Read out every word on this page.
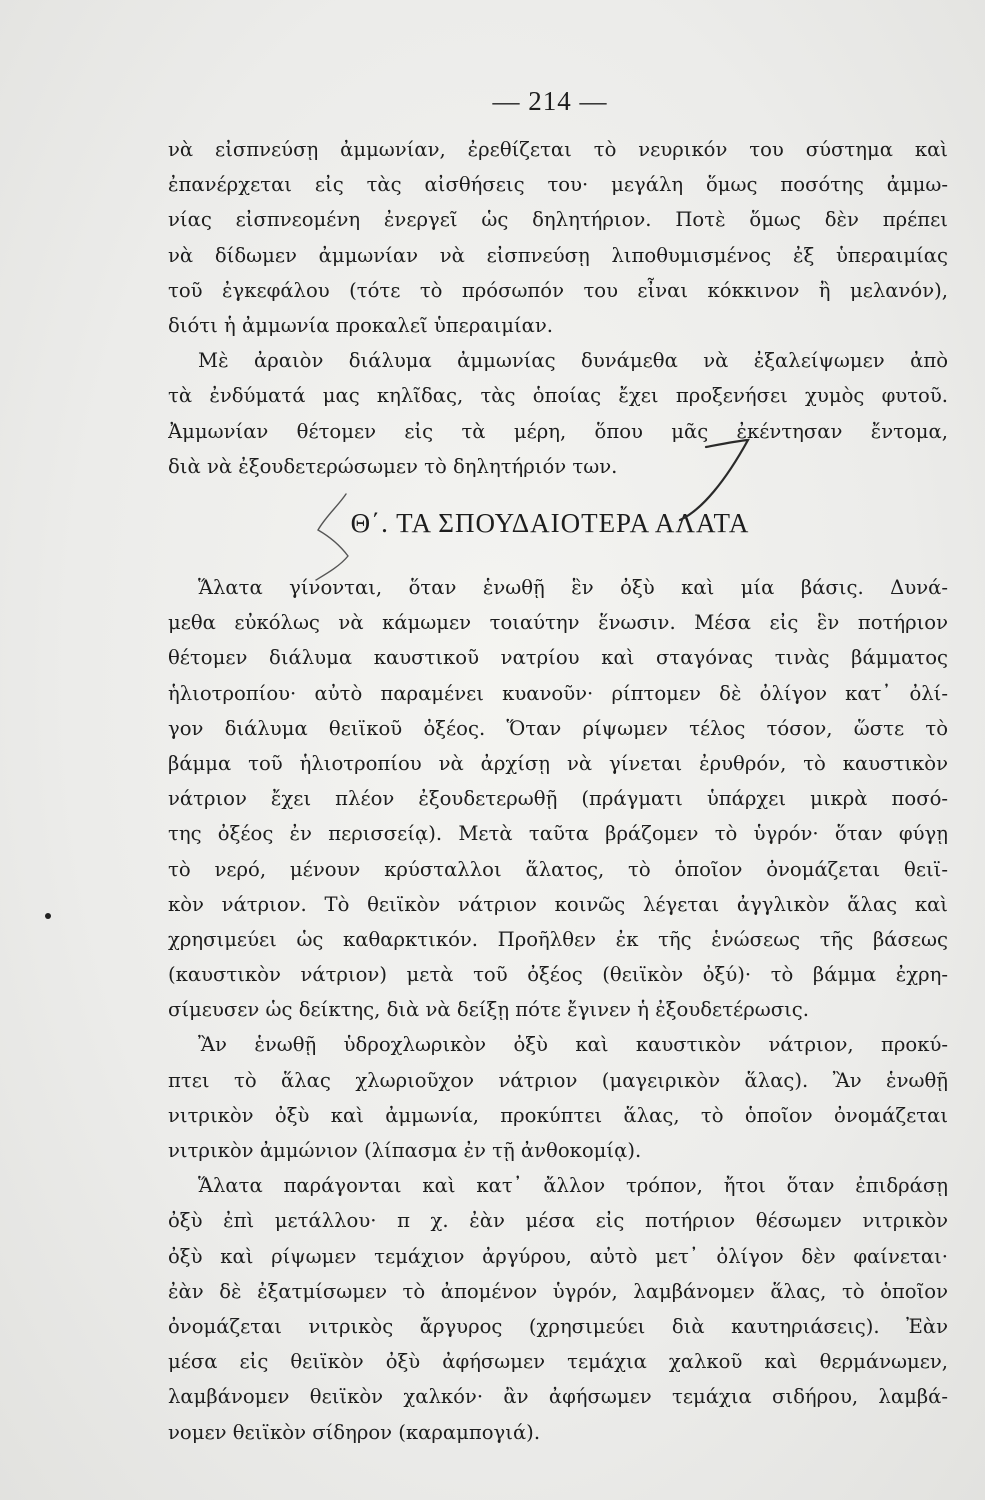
— 214 —
νὰ εἰσπνεύσῃ ἀμμωνίαν, ἐρεθίζεται τὸ νευρικόν του σύστημα καὶ
ἐπανέρχεται εἰς τὰς αἰσθήσεις του· μεγάλη ὅμως ποσότης ἀμμω-
νίας εἰσπνεομένη ἐνεργεῖ ὡς δηλητήριον. Ποτὲ ὅμως δὲν πρέπει
νὰ δίδωμεν ἀμμωνίαν νὰ εἰσπνεύσῃ λιποθυμισμένος ἐξ ὑπεραιμίας
τοῦ ἐγκεφάλου (τότε τὸ πρόσωπόν του εἶναι κόκκινον ἢ μελανόν),
διότι ἡ ἀμμωνία προκαλεῖ ὑπεραιμίαν.
Μὲ ἀραιὸν διάλυμα ἀμμωνίας δυνάμεθα νὰ ἐξαλείψωμεν ἀπὸ
τὰ ἐνδύματά μας κηλῖδας, τὰς ὁποίας ἔχει προξενήσει χυμὸς φυτοῦ.
Ἀμμωνίαν θέτομεν εἰς τὰ μέρη, ὅπου μᾶς ἐκέντησαν ἔντομα,
διὰ νὰ ἐξουδετερώσωμεν τὸ δηλητήριόν των.
Θ΄. ΤΑ ΣΠΟΥΔΑΙΟΤΕΡΑ ΑΛΑΤΑ
Ἅλατα γίνονται, ὅταν ἑνωθῇ ἓν ὀξὺ καὶ μία βάσις. Δυνά-
μεθα εὐκόλως νὰ κάμωμεν τοιαύτην ἕνωσιν. Μέσα εἰς ἓν ποτήριον
θέτομεν διάλυμα καυστικοῦ νατρίου καὶ σταγόνας τινὰς βάμματος
ἡλιοτροπίου· αὐτὸ παραμένει κυανοῦν· ρίπτομεν δὲ ὀλίγον κατ᾿ ὀλί-
γον διάλυμα θειϊκοῦ ὀξέος. Ὅταν ρίψωμεν τέλος τόσον, ὥστε τὸ
βάμμα τοῦ ἡλιοτροπίου νὰ ἀρχίσῃ νὰ γίνεται ἐρυθρόν, τὸ καυστικὸν
νάτριον ἔχει πλέον ἐξουδετερωθῇ (πράγματι ὑπάρχει μικρὰ ποσό-
της ὀξέος ἐν περισσείᾳ). Μετὰ ταῦτα βράζομεν τὸ ὑγρόν· ὅταν φύγῃ
τὸ νερό, μένουν κρύσταλλοι ἅλατος, τὸ ὁποῖον ὀνομάζεται θειϊ-
κὸν νάτριον. Τὸ θειϊκὸν νάτριον κοινῶς λέγεται ἀγγλικὸν ἅλας καὶ
χρησιμεύει ὡς καθαρκτικόν. Προῆλθεν ἐκ τῆς ἑνώσεως τῆς βάσεως
(καυστικὸν νάτριον) μετὰ τοῦ ὀξέος (θειϊκὸν ὀξύ)· τὸ βάμμα ἐχρη-
σίμευσεν ὡς δείκτης, διὰ νὰ δείξῃ πότε ἔγινεν ἡ ἐξουδετέρωσις.
Ἂν ἑνωθῇ ὑδροχλωρικὸν ὀξὺ καὶ καυστικὸν νάτριον, προκύ-
πτει τὸ ἅλας χλωριοῦχον νάτριον (μαγειρικὸν ἅλας). Ἂν ἑνωθῇ
νιτρικὸν ὀξὺ καὶ ἀμμωνία, προκύπτει ἅλας, τὸ ὁποῖον ὀνομάζεται
νιτρικὸν ἀμμώνιον (λίπασμα ἐν τῇ ἀνθοκομίᾳ).
Ἅλατα παράγονται καὶ κατ᾿ ἄλλον τρόπον, ἤτοι ὅταν ἐπιδράσῃ
ὀξὺ ἐπὶ μετάλλου· π χ. ἐὰν μέσα εἰς ποτήριον θέσωμεν νιτρικὸν
ὀξὺ καὶ ρίψωμεν τεμάχιον ἀργύρου, αὐτὸ μετ᾿ ὀλίγον δὲν φαίνεται·
ἐὰν δὲ ἐξατμίσωμεν τὸ ἀπομένον ὑγρόν, λαμβάνομεν ἅλας, τὸ ὁποῖον
ὀνομάζεται νιτρικὸς ἄργυρος (χρησιμεύει διὰ καυτηριάσεις). Ἐὰν
μέσα εἰς θειϊκὸν ὀξὺ ἀφήσωμεν τεμάχια χαλκοῦ καὶ θερμάνωμεν,
λαμβάνομεν θειϊκὸν χαλκόν· ἂν ἀφήσωμεν τεμάχια σιδήρου, λαμβά-
νομεν θειϊκὸν σίδηρον (καραμπογιά).
